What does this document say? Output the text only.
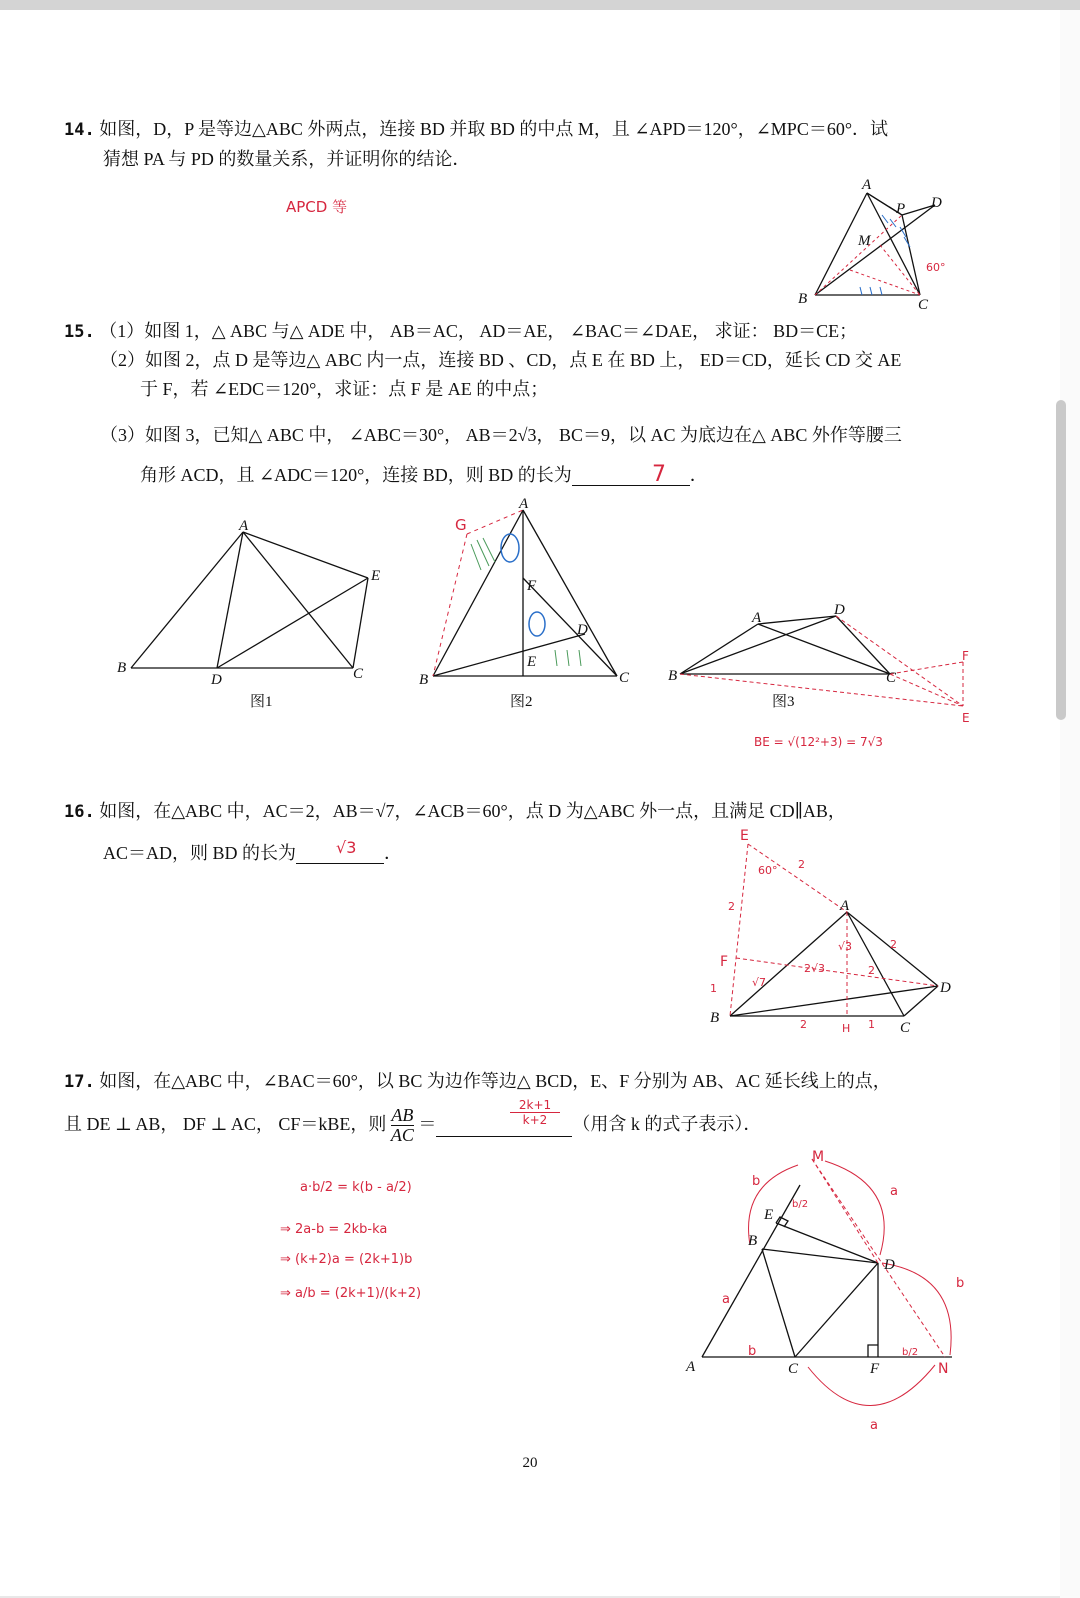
14. 如图，D，P 是等边△ABC 外两点，连接 BD 并取 BD 的中点 M，且 ∠APD＝120°，∠MPC＝60°．试
猜想 PA 与 PD 的数量关系，并证明你的结论．
APCD 等
A
B	C
D
P
M
60°
15. （1）如图 1，△ ABC 与△ ADE 中， AB＝AC， AD＝AE， ∠BAC＝∠DAE， 求证： BD＝CE；
（2）如图 2，点 D 是等边△ ABC 内一点，连接 BD 、CD，点 E 在 BD 上， ED＝CD，延长 CD 交 AE
于 F，若 ∠EDC＝120°，求证：点 F 是 AE 的中点；
（3）如图 3，已知△ ABC 中， ∠ABC＝30°， AB＝2√3， BC＝9，以 AC 为底边在△ ABC 外作等腰三
角形 ACD，且 ∠ADC＝120°，连接 BD，则 BD 的长为	．
7
A
B
D	C
E
图1
A
B	C
D
E
F
G
图2
A
B	C
D
E
F
图3
BE = √(12²+3) = 7√3
16. 如图，在△ABC 中，AC＝2，AB＝√7，∠ACB＝60°，点 D 为△ABC 外一点，且满足 CD∥AB，
AC＝AD，则 BD 的长为	．
√3
A
B
C
D
E
F
H
60° 2
2
2
√3
2√3	2
√7
1
2	1
17. 如图，在△ABC 中，∠BAC＝60°，以 BC 为边作等边△ BCD，E、F 分别为 AB、AC 延长线上的点，
且 DE ⊥ AB， DF ⊥ AC， CF＝kBE，则 $\frac{AB}{AC}$ ＝	（用含 k 的式子表示）．
2k+1
k+2
a·b/2 = k(b - a/2)
⇒ 2a-b = 2kb-ka
⇒ (k+2)a = (2k+1)b
⇒ a/b = (2k+1)/(k+2)
A
B
C
D
E
F
M
N
b
a
a
b
b
a
b/2
b/2
20
